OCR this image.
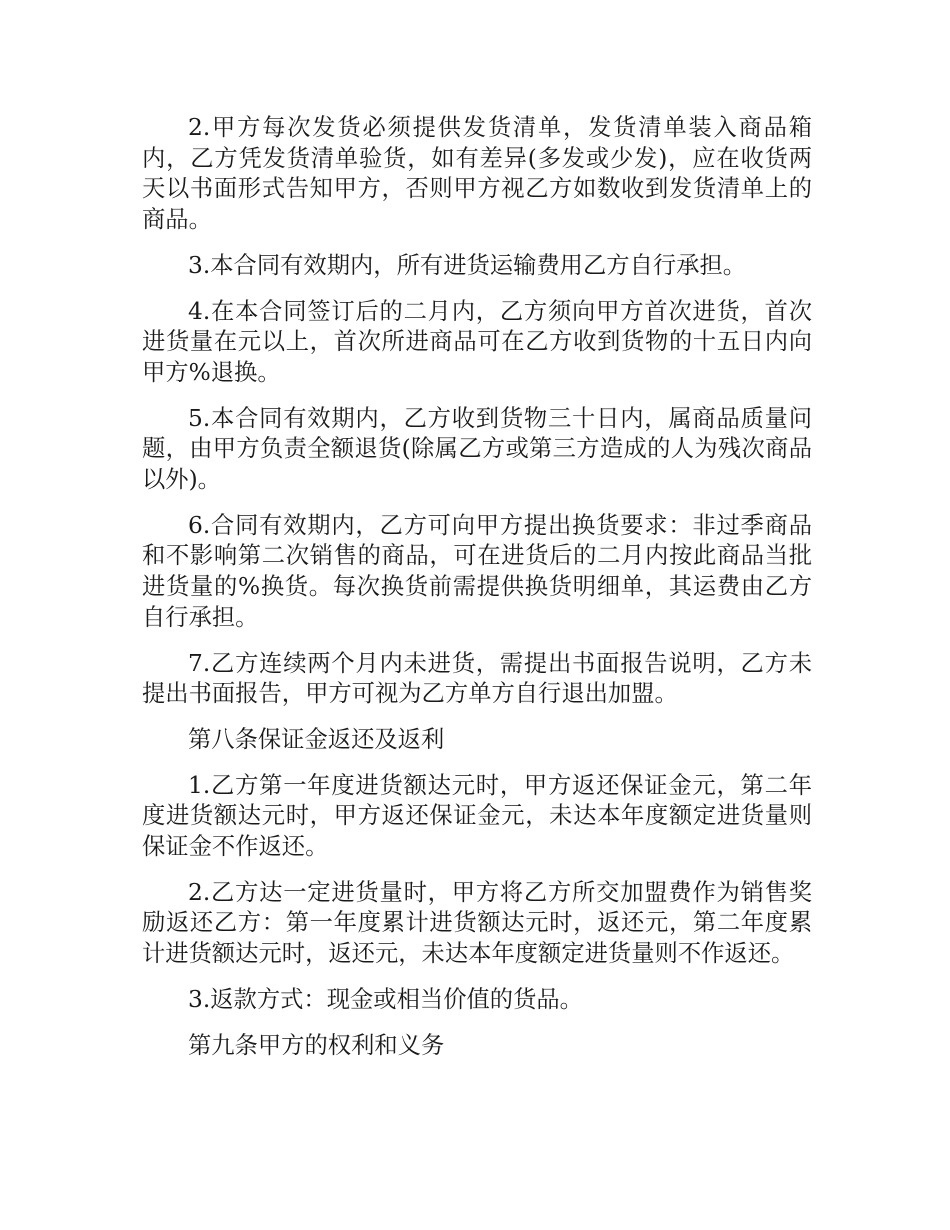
2.甲方每次发货必须提供发货清单，发货清单装入商品箱内，乙方凭发货清单验货，如有差异(多发或少发)，应在收货两天以书面形式告知甲方，否则甲方视乙方如数收到发货清单上的商品。

3.本合同有效期内，所有进货运输费用乙方自行承担。

4.在本合同签订后的二月内，乙方须向甲方首次进货，首次进货量在元以上，首次所进商品可在乙方收到货物的十五日内向甲方%退换。

5.本合同有效期内，乙方收到货物三十日内，属商品质量问题，由甲方负责全额退货(除属乙方或第三方造成的人为残次商品以外)。

6.合同有效期内，乙方可向甲方提出换货要求：非过季商品和不影响第二次销售的商品，可在进货后的二月内按此商品当批进货量的%换货。每次换货前需提供换货明细单，其运费由乙方自行承担。

7.乙方连续两个月内未进货，需提出书面报告说明，乙方未提出书面报告，甲方可视为乙方单方自行退出加盟。

第八条保证金返还及返利

1.乙方第一年度进货额达元时，甲方返还保证金元，第二年度进货额达元时，甲方返还保证金元，未达本年度额定进货量则保证金不作返还。

2.乙方达一定进货量时，甲方将乙方所交加盟费作为销售奖励返还乙方：第一年度累计进货额达元时，返还元，第二年度累计进货额达元时，返还元，未达本年度额定进货量则不作返还。

3.返款方式：现金或相当价值的货品。

第九条甲方的权利和义务
